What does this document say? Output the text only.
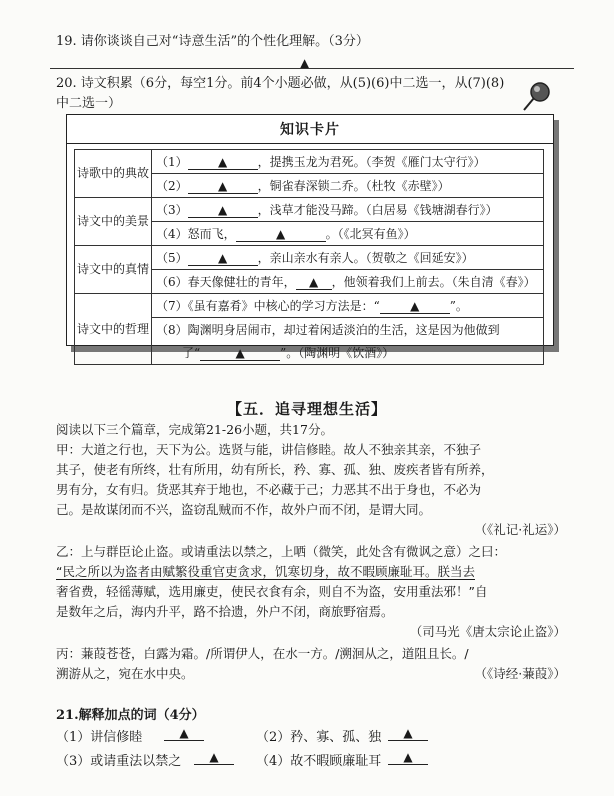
19. 请你谈谈自己对“诗意生活”的个性化理解。（3分）
▲
20. 诗文积累（6分，每空1分。前4个小题必做，从(5)(6)中二选一，从(7)(8)
中二选一）
知识卡片
诗歌中的典故	（1） ▲ ，提携玉龙为君死。（李贺《雁门太守行》）
	（2） ▲ ，铜雀春深锁二乔。（杜牧《赤壁》）
诗文中的美景	（3） ▲ ，浅草才能没马蹄。（白居易《钱塘湖春行》）
	（4）怒而飞， ▲ 。（《北冥有鱼》）
诗文中的真情	（5） ▲ ，亲山亲水有亲人。（贺敬之《回延安》）
	（6）春天像健壮的青年， ▲ ，他领着我们上前去。（朱自清《春》）
诗文中的哲理	（7）《虽有嘉肴》中核心的学习方法是：“ ▲ ”。
	（8）陶渊明身居闹市，却过着闲适淡泊的生活，这是因为他做到
	了“ ▲ ”。（陶渊明《饮酒》）
【五．追寻理想生活】
阅读以下三个篇章，完成第21-26小题，共17分。
甲：大道之行也，天下为公。选贤与能，讲信修睦。故人不独亲其亲，不独子
其子，使老有所终，壮有所用，幼有所长，矜、寡、孤、独、废疾者皆有所养，
男有分，女有归。货恶其弃于地也，不必藏于己；力恶其不出于身也，不必为
己。是故谋闭而不兴，盗窃乱贼而不作，故外户而不闭，是谓大同。
（《礼记·礼运》）
乙：上与群臣论止盗。或请重法以禁之，上哂（微笑，此处含有微讽之意）之曰：
“民之所以为盗者由赋繁役重官吏贪求，饥寒切身，故不暇顾廉耻耳。朕当去
奢省费，轻徭薄赋，选用廉吏，使民衣食有余，则自不为盗，安用重法邪！”自
是数年之后，海内升平，路不拾遗，外户不闭，商旅野宿焉。
（司马光《唐太宗论止盗》）
丙：蒹葭苍苍，白露为霜。/所谓伊人，在水一方。/溯洄从之，道阻且长。/
溯游从之，宛在水中央。	（《诗经·蒹葭》）
21.解释加点的词（4分）
（1）讲信修睦	▲	（2）矜、寡、孤、独	▲
（3）或请重法以禁之	▲	（4）故不暇顾廉耻耳	▲
